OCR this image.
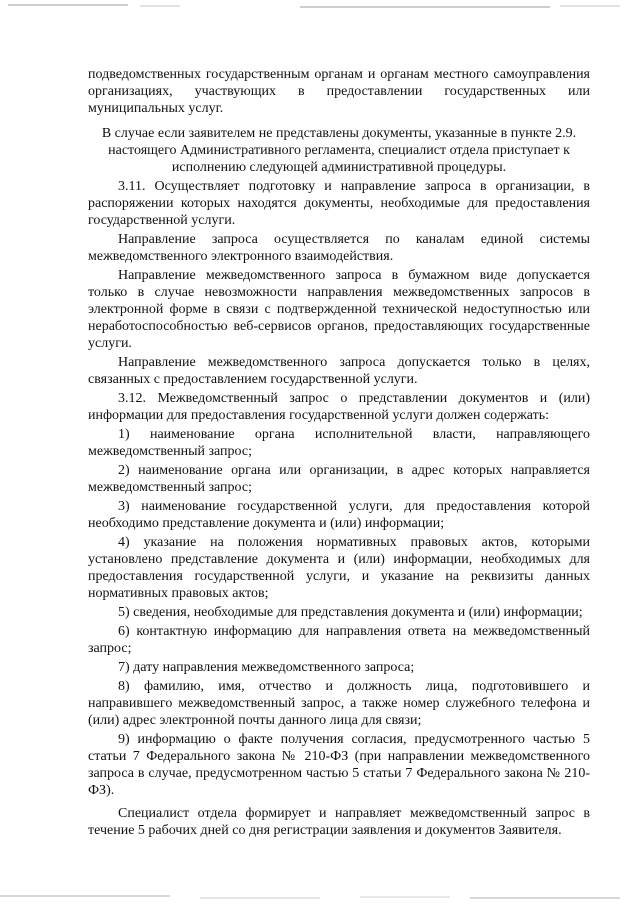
подведомственных государственным органам и органам местного самоуправления организациях, участвующих в предоставлении государственных или муниципальных услуг.

В случае если заявителем не представлены документы, указанные в пункте 2.9. настоящего Административного регламента, специалист отдела приступает к исполнению следующей административной процедуры.

3.11. Осуществляет подготовку и направление запроса в организации, в распоряжении которых находятся документы, необходимые для предоставления государственной услуги.

Направление запроса осуществляется по каналам единой системы межведомственного электронного взаимодействия.

Направление межведомственного запроса в бумажном виде допускается только в случае невозможности направления межведомственных запросов в электронной форме в связи с подтвержденной технической недоступностью или неработоспособностью веб-сервисов органов, предоставляющих государственные услуги.

Направление межведомственного запроса допускается только в целях, связанных с предоставлением государственной услуги.

3.12. Межведомственный запрос о представлении документов и (или) информации для предоставления государственной услуги должен содержать:

1) наименование органа исполнительной власти, направляющего межведомственный запрос;

2) наименование органа или организации, в адрес которых направляется межведомственный запрос;

3) наименование государственной услуги, для предоставления которой необходимо представление документа и (или) информации;

4) указание на положения нормативных правовых актов, которыми установлено представление документа и (или) информации, необходимых для предоставления государственной услуги, и указание на реквизиты данных нормативных правовых актов;

5) сведения, необходимые для представления документа и (или) информации;

6) контактную информацию для направления ответа на межведомственный запрос;

7) дату направления межведомственного запроса;

8) фамилию, имя, отчество и должность лица, подготовившего и направившего межведомственный запрос, а также номер служебного телефона и (или) адрес электронной почты данного лица для связи;

9) информацию о факте получения согласия, предусмотренного частью 5 статьи 7 Федерального закона № 210-ФЗ (при направлении межведомственного запроса в случае, предусмотренном частью 5 статьи 7 Федерального закона № 210-ФЗ).

Специалист отдела формирует и направляет межведомственный запрос в течение 5 рабочих дней со дня регистрации заявления и документов Заявителя.
